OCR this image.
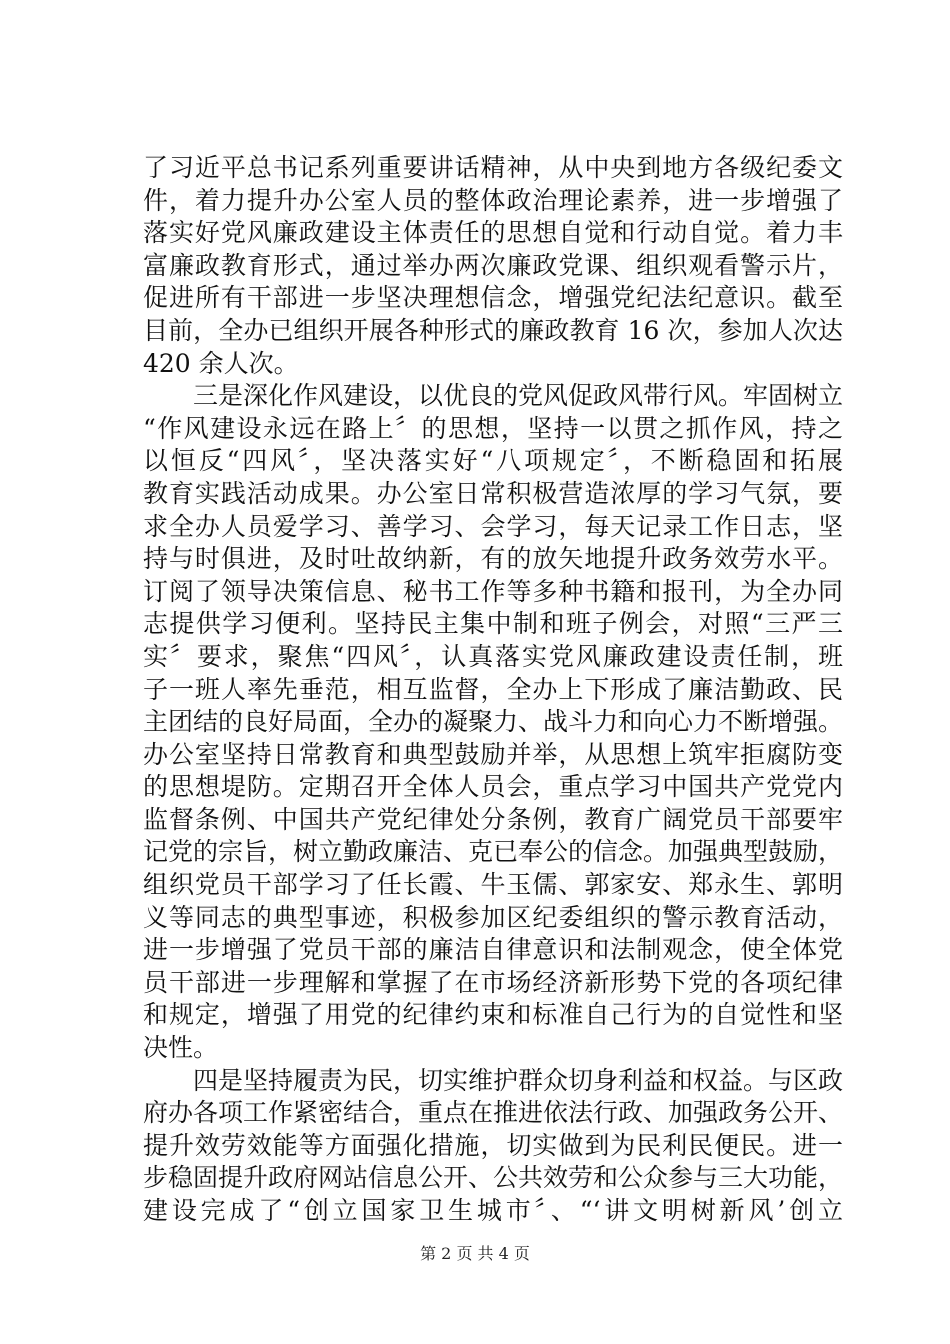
了习近平总书记系列重要讲话精神，从中央到地方各级纪委文
件，着力提升办公室人员的整体政治理论素养，进一步增强了
落实好党风廉政建设主体责任的思想自觉和行动自觉。着力丰
富廉政教育形式，通过举办两次廉政党课、组织观看警示片，
促进所有干部进一步坚决理想信念，增强党纪法纪意识。截至
目前，全办已组织开展各种形式的廉政教育 16 次，参加人次达
420 余人次。
　　三是深化作风建设，以优良的党风促政风带行风。牢固树立
“作风建设永远在路上〞的思想，坚持一以贯之抓作风，持之
以恒反“四风〞，坚决落实好“八项规定〞，不断稳固和拓展
教育实践活动成果。办公室日常积极营造浓厚的学习气氛，要
求全办人员爱学习、善学习、会学习，每天记录工作日志，坚
持与时俱进，及时吐故纳新，有的放矢地提升政务效劳水平。
订阅了领导决策信息、秘书工作等多种书籍和报刊，为全办同
志提供学习便利。坚持民主集中制和班子例会，对照“三严三
实〞要求，聚焦“四风〞，认真落实党风廉政建设责任制，班
子一班人率先垂范，相互监督，全办上下形成了廉洁勤政、民
主团结的良好局面，全办的凝聚力、战斗力和向心力不断增强。
办公室坚持日常教育和典型鼓励并举，从思想上筑牢拒腐防变
的思想堤防。定期召开全体人员会，重点学习中国共产党党内
监督条例、中国共产党纪律处分条例，教育广阔党员干部要牢
记党的宗旨，树立勤政廉洁、克已奉公的信念。加强典型鼓励，
组织党员干部学习了任长霞、牛玉儒、郭家安、郑永生、郭明
义等同志的典型事迹，积极参加区纪委组织的警示教育活动，
进一步增强了党员干部的廉洁自律意识和法制观念，使全体党
员干部进一步理解和掌握了在市场经济新形势下党的各项纪律
和规定，增强了用党的纪律约束和标准自己行为的自觉性和坚
决性。
　　四是坚持履责为民，切实维护群众切身利益和权益。与区政
府办各项工作紧密结合，重点在推进依法行政、加强政务公开、
提升效劳效能等方面强化措施，切实做到为民利民便民。进一
步稳固提升政府网站信息公开、公共效劳和公众参与三大功能，
建设完成了“创立国家卫生城市〞、“‘讲文明树新风’创立
第 2 页 共 4 页
